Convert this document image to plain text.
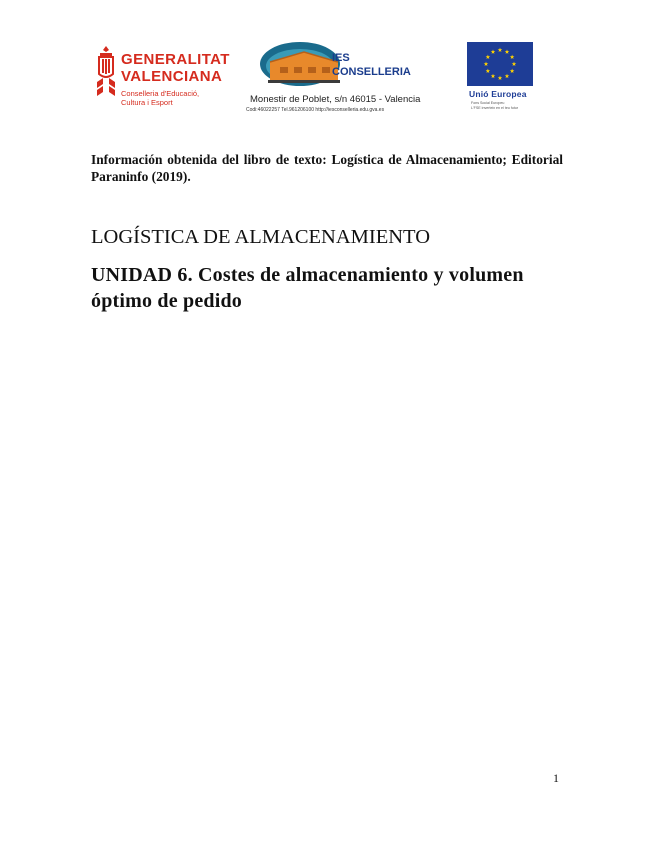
GENERALITAT
VALENCIANA
Conselleria d'Educació,
Cultura i Esport
IES
CONSELLERIA
Monestir de Poblet, s/n 46015 - Valencia
Codi:46022257 Tel.961206100 http://iesconselleria.edu.gva.es
Unió Europea
Fons Social Europeu
L'FSE inverteix en el teu futur
Información obtenida del libro de texto: Logística de Almacenamiento; Editorial Paraninfo (2019).
LOGÍSTICA DE ALMACENAMIENTO
UNIDAD 6. Costes de almacenamiento y volumen óptimo de pedido
1
